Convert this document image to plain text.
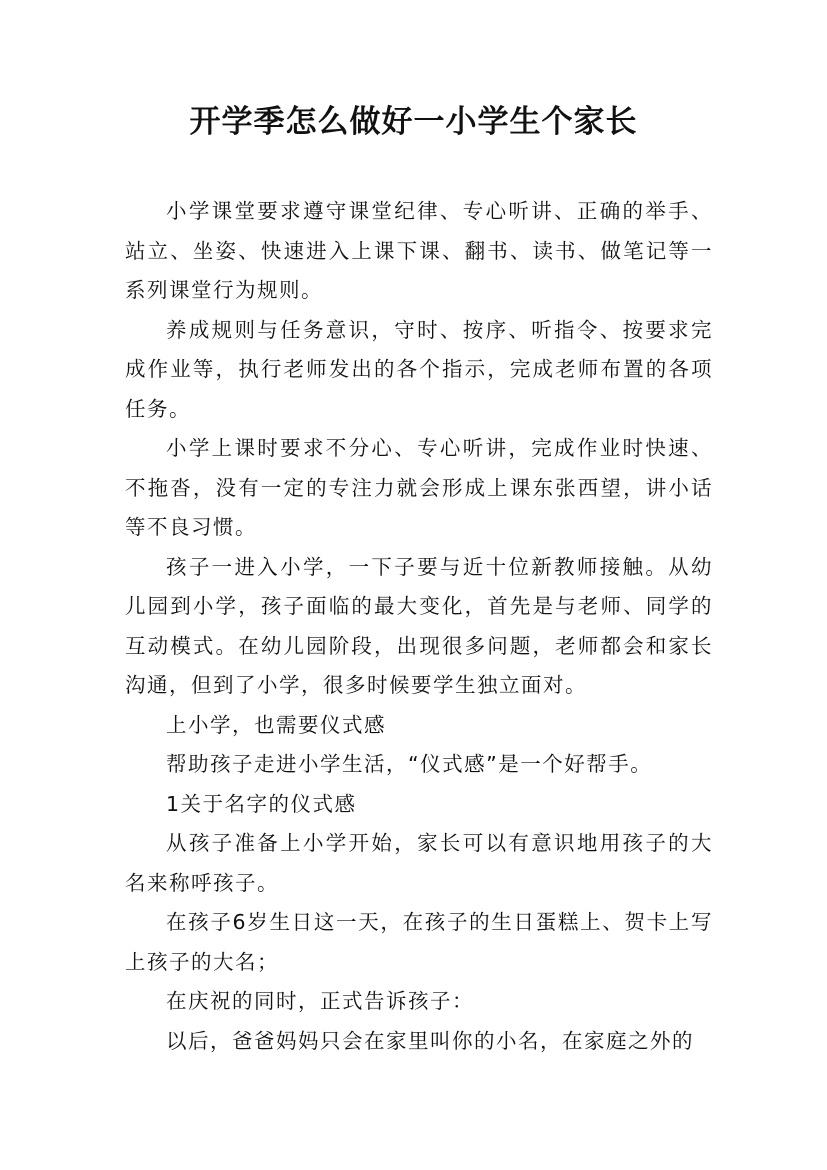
开学季怎么做好一小学生个家长

小学课堂要求遵守课堂纪律、专心听讲、正确的举手、站立、坐姿、快速进入上课下课、翻书、读书、做笔记等一系列课堂行为规则。

养成规则与任务意识，守时、按序、听指令、按要求完成作业等，执行老师发出的各个指示，完成老师布置的各项任务。

小学上课时要求不分心、专心听讲，完成作业时快速、不拖沓，没有一定的专注力就会形成上课东张西望，讲小话等不良习惯。

孩子一进入小学，一下子要与近十位新教师接触。从幼儿园到小学，孩子面临的最大变化，首先是与老师、同学的互动模式。在幼儿园阶段，出现很多问题，老师都会和家长沟通，但到了小学，很多时候要学生独立面对。

上小学，也需要仪式感

帮助孩子走进小学生活，“仪式感”是一个好帮手。

1关于名字的仪式感

从孩子准备上小学开始，家长可以有意识地用孩子的大名来称呼孩子。

在孩子6岁生日这一天，在孩子的生日蛋糕上、贺卡上写上孩子的大名；

在庆祝的同时，正式告诉孩子：

以后，爸爸妈妈只会在家里叫你的小名，在家庭之外的
